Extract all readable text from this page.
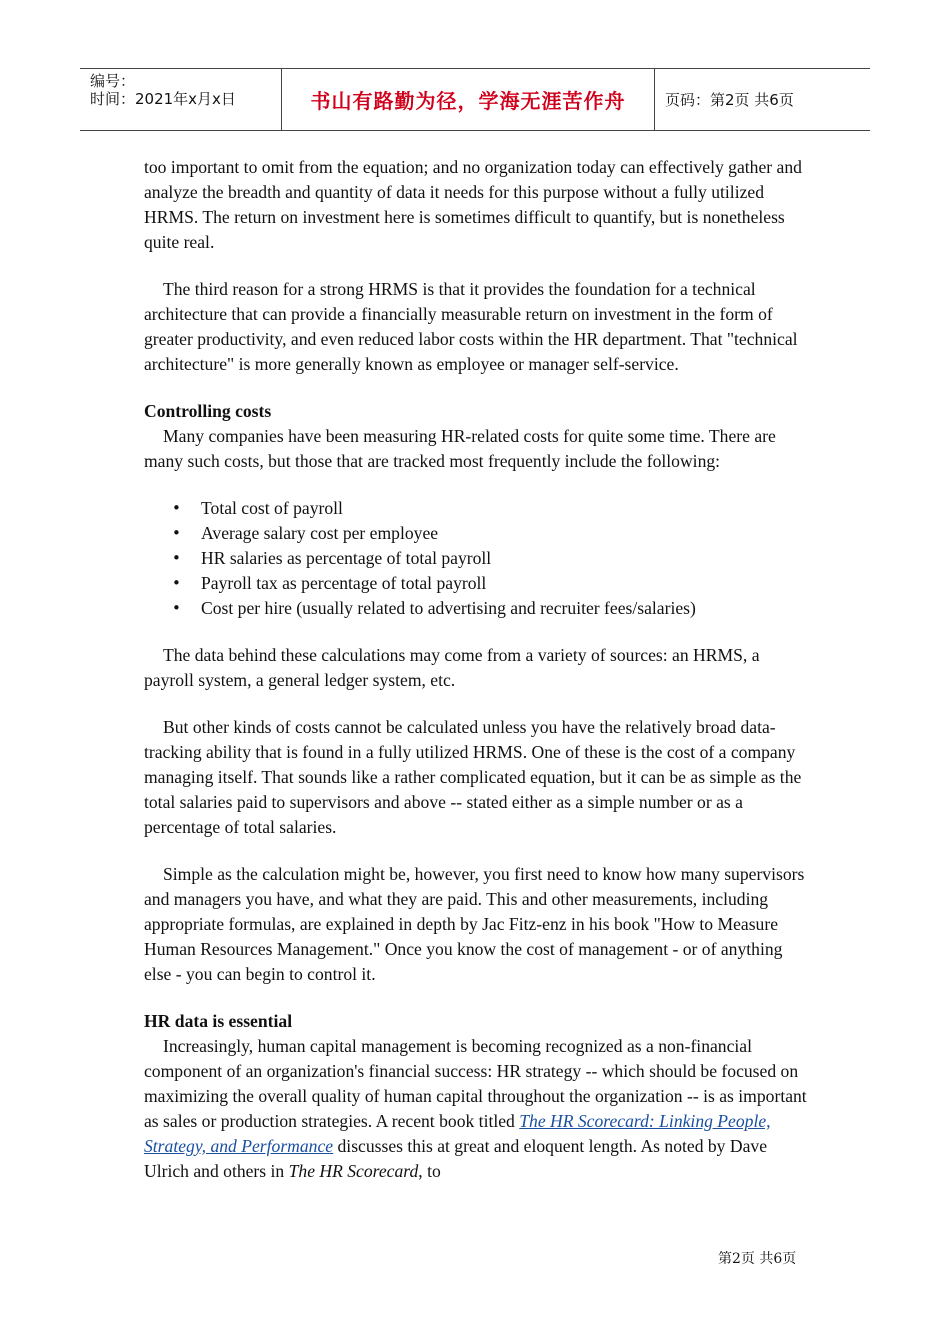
编号：
时间：2021年x月x日	书山有路勤为径，学海无涯苦作舟	页码：第2页 共6页

too important to omit from the equation; and no organization today can effectively gather and analyze the breadth and quantity of data it needs for this purpose without a fully utilized HRMS. The return on investment here is sometimes difficult to quantify, but is nonetheless quite real.

The third reason for a strong HRMS is that it provides the foundation for a technical architecture that can provide a financially measurable return on investment in the form of greater productivity, and even reduced labor costs within the HR department. That "technical architecture" is more generally known as employee or manager self-service.

Controlling costs

Many companies have been measuring HR-related costs for quite some time. There are many such costs, but those that are tracked most frequently include the following:

• Total cost of payroll
• Average salary cost per employee
• HR salaries as percentage of total payroll
• Payroll tax as percentage of total payroll
• Cost per hire (usually related to advertising and recruiter fees/salaries)

The data behind these calculations may come from a variety of sources: an HRMS, a payroll system, a general ledger system, etc.

But other kinds of costs cannot be calculated unless you have the relatively broad data-tracking ability that is found in a fully utilized HRMS. One of these is the cost of a company managing itself. That sounds like a rather complicated equation, but it can be as simple as the total salaries paid to supervisors and above -- stated either as a simple number or as a percentage of total salaries.

Simple as the calculation might be, however, you first need to know how many supervisors and managers you have, and what they are paid. This and other measurements, including appropriate formulas, are explained in depth by Jac Fitz-enz in his book "How to Measure Human Resources Management." Once you know the cost of management - or of anything else - you can begin to control it.

HR data is essential

Increasingly, human capital management is becoming recognized as a non-financial component of an organization's financial success: HR strategy -- which should be focused on maximizing the overall quality of human capital throughout the organization -- is as important as sales or production strategies. A recent book titled The HR Scorecard: Linking People, Strategy, and Performance discusses this at great and eloquent length. As noted by Dave Ulrich and others in The HR Scorecard, to

第2页 共6页
